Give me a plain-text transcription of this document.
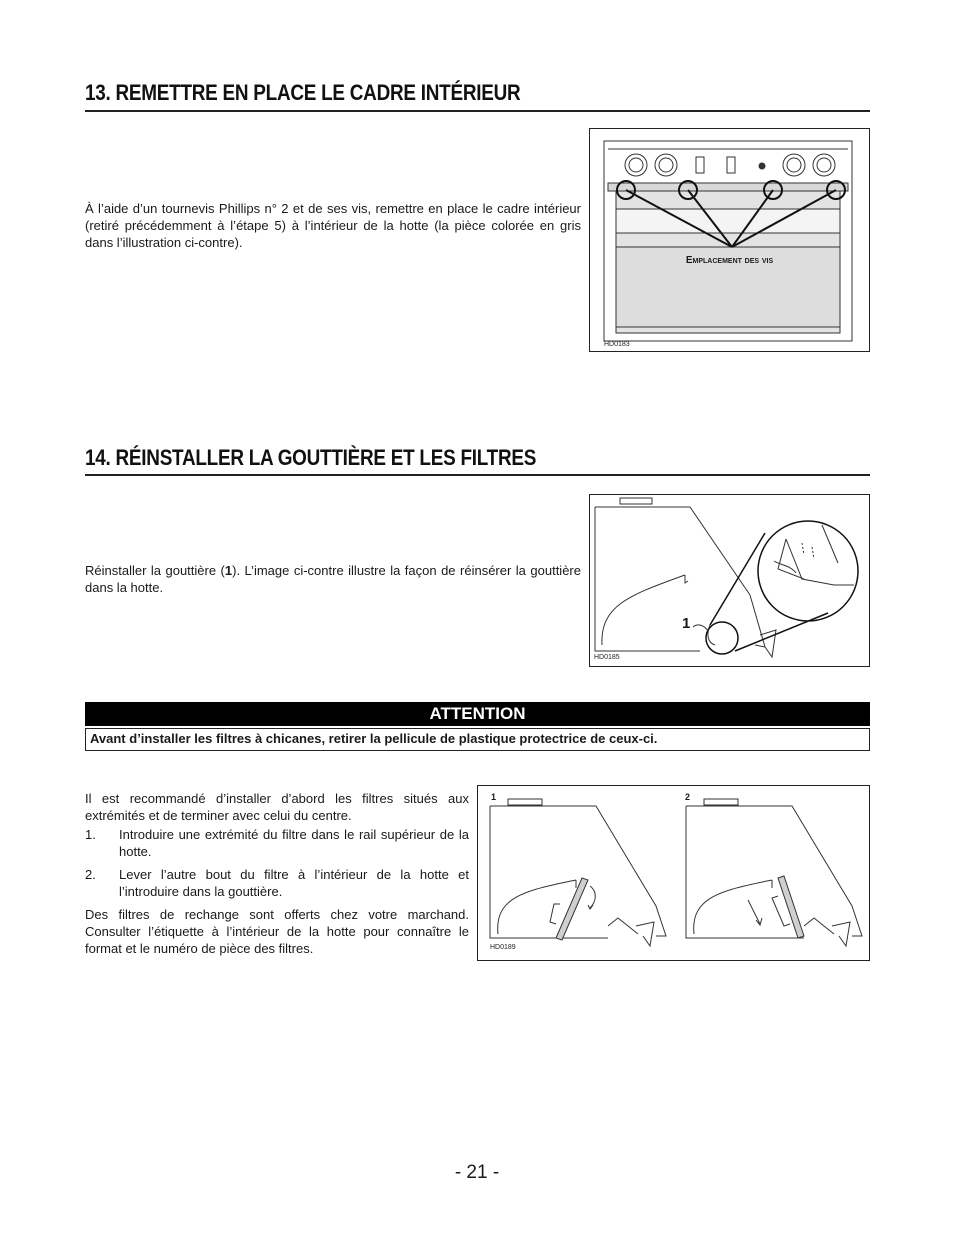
13. REMETTRE EN PLACE LE CADRE INTÉRIEUR
À l’aide d’un tournevis Phillips n° 2 et de ses vis, remettre en place le cadre intérieur (retiré précédemment à l’étape 5) à l’intérieur de la hotte (la pièce colorée en gris dans l’illustration ci-contre).
Emplacement des vis
HD0183
14. RÉINSTALLER LA GOUTTIÈRE ET LES FILTRES
Réinstaller la gouttière (1). L’image ci-contre illustre la façon de réinsérer la gouttière dans la hotte.
1
HD0185
ATTENTION
Avant d’installer les filtres à chicanes, retirer la pellicule de plastique protectrice de ceux-ci.
Il est recommandé d’installer d’abord les filtres situés aux extrémités et de terminer avec celui du centre.
1.	Introduire une extrémité du filtre dans le rail supérieur de la hotte.
2.	Lever l’autre bout du filtre à l’intérieur de la hotte et l’introduire dans la gouttière.
Des filtres de rechange sont offerts chez votre marchand. Consulter l’étiquette à l’intérieur de la hotte pour connaître le format et le numéro de pièce des filtres.
1	2
HD0189
- 21 -
